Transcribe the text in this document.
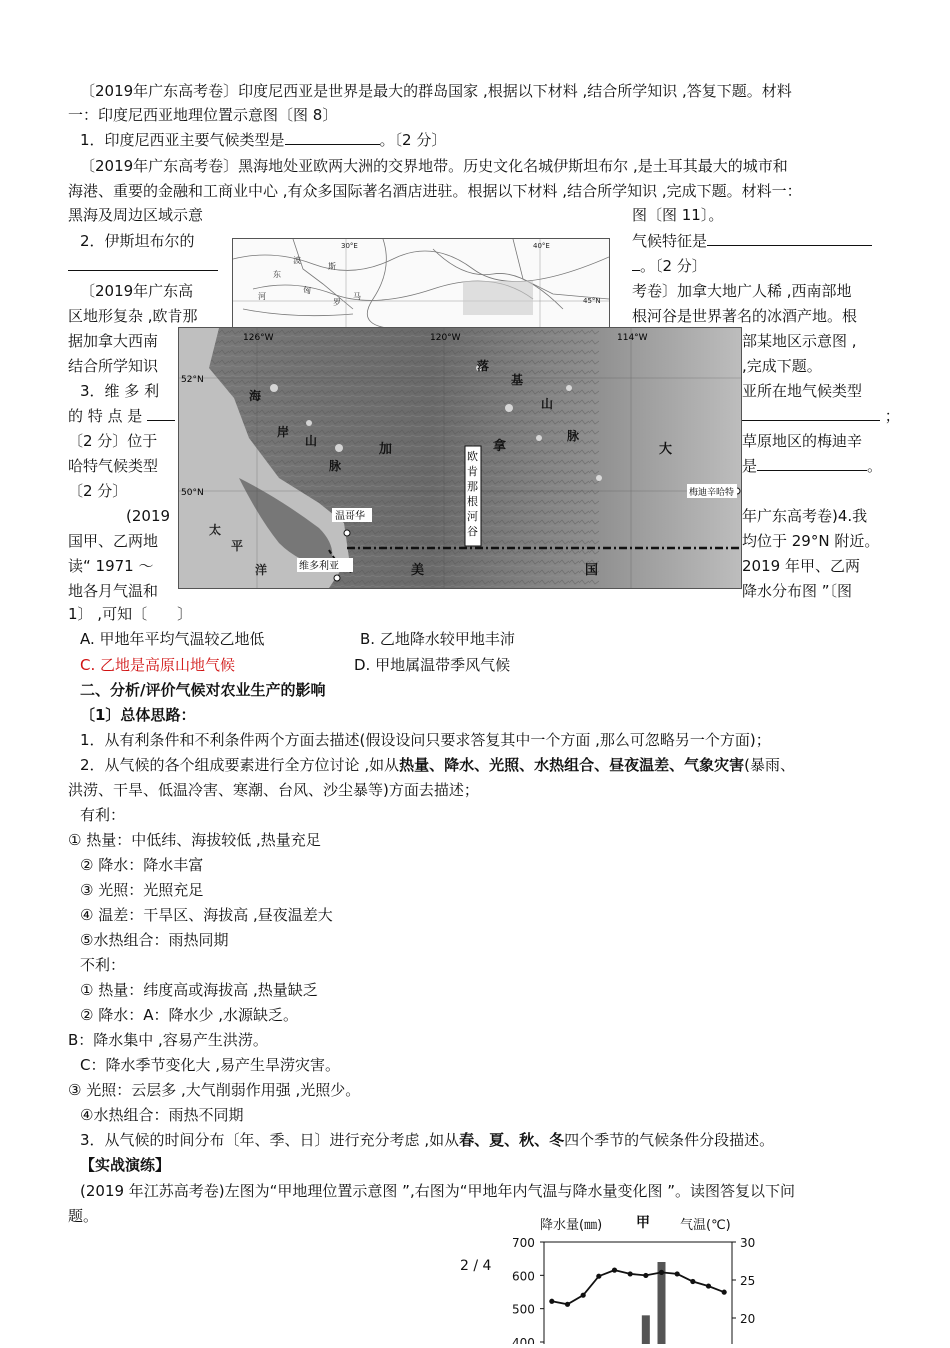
〔2019年广东高考卷〕印度尼西亚是世界是最大的群岛国家 ,根据以下材料 ,结合所学知识 ,答复下题。材料
一：印度尼西亚地理位置示意图〔图 8〕
1．印度尼西亚主要气候类型是	。〔2 分〕
〔2019年广东高考卷〕黑海地处亚欧两大洲的交界地带。历史文化名城伊斯坦布尔 ,是土耳其最大的城市和
海港、重要的金融和工商业中心 ,有众多国际著名酒店进驻。根据以下材料 ,结合所学知识 ,完成下题。材料一：
黑海及周边区域示意	图〔图 11〕。
2．伊斯坦布尔的	气候特征是
。〔2 分〕
〔2019年广东高	考卷〕加拿大地广人稀 ,西南部地
区地形复杂 ,欧肯那	根河谷是世界著名的冰酒产地。根
据加拿大西南	部某地区示意图 ,
结合所学知识	,完成下题。
3．维 多 利	亚所在地气候类型
的 特 点 是	；
〔2 分〕位于	草原地区的梅迪辛
哈特气候类型	是	。
〔2 分〕
(2019	年广东高考卷)4.我
国甲、乙两地	均位于 29°N 附近。
读“ 1971 ～	2019 年甲、乙两
地各月气温和	降水分布图 ”〔图
1〕 ,可知〔　　〕
A. 甲地年平均气温较乙地低	B. 乙地降水较甲地丰沛
C. 乙地是高原山地气候	D. 甲地属温带季风气候
30°E	40°E
45°N
波
东
斯
匈
罗
马
河
126°W	120°W	114°W
52°N
50°N
海
岸
山
脉
加	拿	大
落
基
山
脉
欧
肯
那
根
河
谷
温哥华
维多利亚
梅迪辛哈特
太
平
洋	美	国
二、分析/评价气候对农业生产的影响
〔1〕总体思路：
1．从有利条件和不利条件两个方面去描述(假设设问只要求答复其中一个方面 ,那么可忽略另一个方面)；
2．从气候的各个组成要素进行全方位讨论 ,如从热量、降水、光照、水热组合、昼夜温差、气象灾害(暴雨、
洪涝、干旱、低温冷害、寒潮、台风、沙尘暴等)方面去描述；
有利：
① 热量：中低纬、海拔较低 ,热量充足
② 降水：降水丰富
③ 光照：光照充足
④ 温差：干旱区、海拔高 ,昼夜温差大
⑤水热组合：雨热同期
不利：
① 热量：纬度高或海拔高 ,热量缺乏
② 降水：A：降水少 ,水源缺乏。
B：降水集中 ,容易产生洪涝。
C：降水季节变化大 ,易产生旱涝灾害。
③ 光照：云层多 ,大气削弱作用强 ,光照少。
④水热组合：雨热不同期
3．从气候的时间分布〔年、季、日〕进行充分考虑 ,如从春、夏、秋、冬四个季节的气候条件分段描述。
【实战演练】
(2019 年江苏高考卷)左图为“甲地理位置示意图 ”,右图为“甲地年内气温与降水量变化图 ”。读图答复以下问
题。
2 / 4
降水量(㎜) 甲 气温(℃)
700
600
500
400
30
25
20
